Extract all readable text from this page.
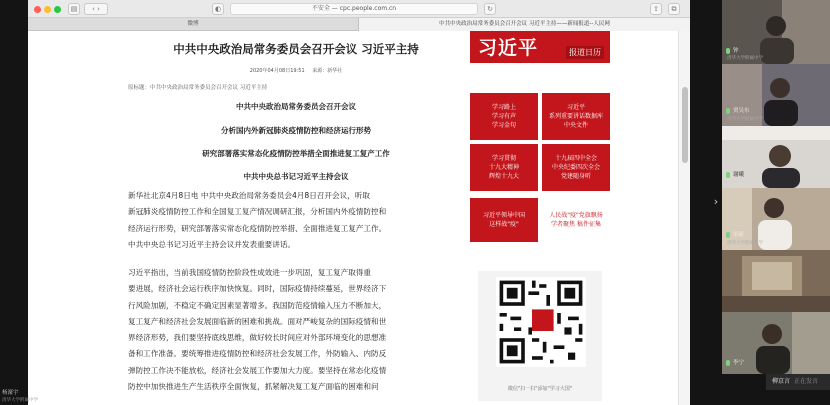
▤	‹ ›	◐	不安全 — cpc.people.com.cn	↻	⇧	⧉
微博	中共中央政治局常务委员会召开会议 习近平主持——新闻报道--人民网
中共中央政治局常务委员会召开会议 习近平主持
2020年04月08日19:51 来源：新华社
原标题：中共中央政治局常务委员会召开会议 习近平主持
中共中央政治局常务委员会召开会议
分析国内外新冠肺炎疫情防控和经济运行形势
研究部署落实常态化疫情防控举措全面推进复工复产工作
中共中央总书记习近平主持会议
新华社北京4月8日电 中共中央政治局常务委员会4月8日召开会议，听取
新冠肺炎疫情防控工作和全国复工复产情况调研汇报，分析国内外疫情防控和
经济运行形势，研究部署落实常态化疫情防控举措、全面推进复工复产工作。
中共中央总书记习近平主持会议并发表重要讲话。
习近平指出，当前我国疫情防控阶段性成效进一步巩固，复工复产取得重
要进展，经济社会运行秩序加快恢复。同时，国际疫情持续蔓延，世界经济下
行风险加剧，不稳定不确定因素显著增多。我国防范疫情输入压力不断加大，
复工复产和经济社会发展面临新的困难和挑战。面对严峻复杂的国际疫情和世
界经济形势，我们要坚持底线思维，做好较长时间应对外部环境变化的思想准
备和工作准备。要统筹推进疫情防控和经济社会发展工作，外防输入、内防反
弹防控工作决不能放松，经济社会发展工作要加大力度。要坚持在常态化疫情
防控中加快推进生产生活秩序全面恢复，抓紧解决复工复产面临的困难和问
习近平	报道日历
学习路上
学习有声
学习金句
习近平
系列重要讲话数据库
中央文件
学习贯彻
十九大精神
辉煌十九大
十九届四中全会
中央纪委四次全会
党建随身听
习近平领导中国
这样战"疫"
人民战"疫"党旗飘扬
学者聚焦 稿件征集
微信"扫一扫"添加"学习大国"
杨濠宇
清华大学附属中学
›
钟
清华大学附属中学
贾吴东
清华大学附属中学
谢曦
梁豪
清华大学附属中学
李宁
柳京言 正在发言
